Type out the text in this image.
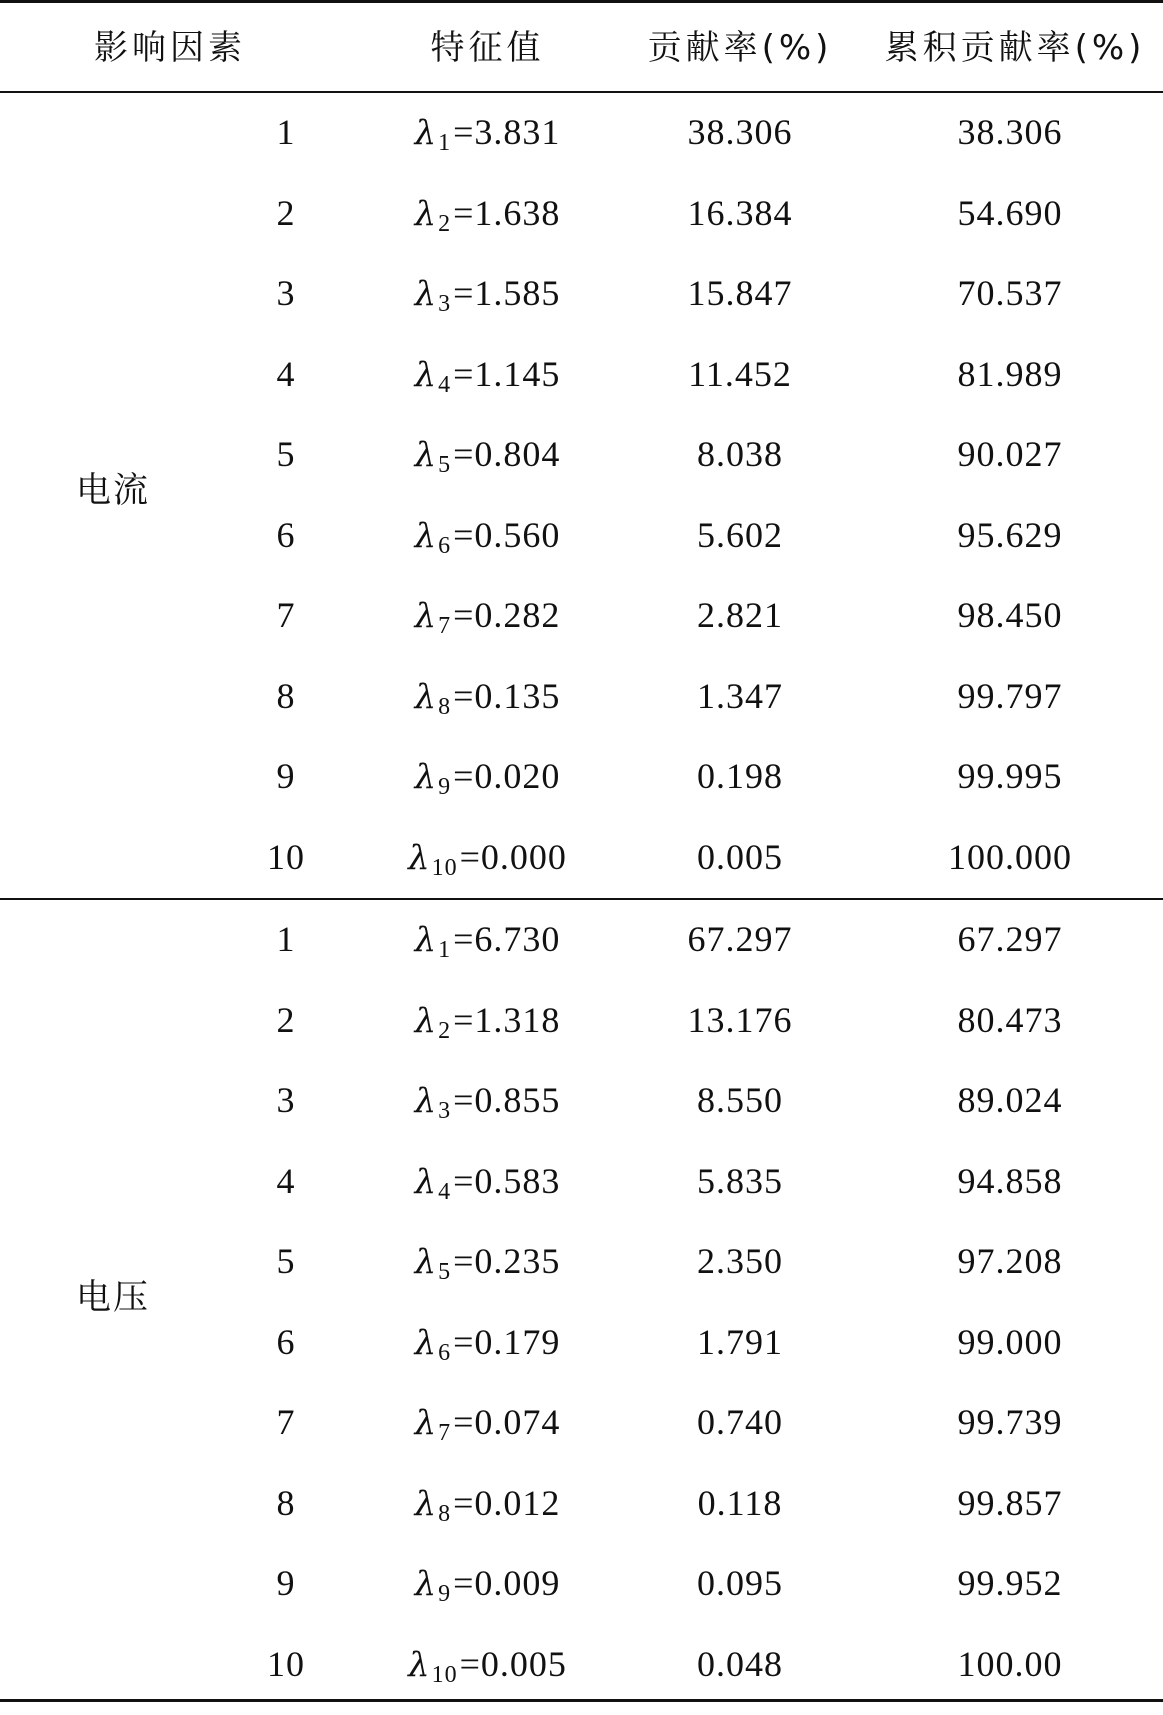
影响因素	特征值	贡献率(%)	累积贡献率(%)
电流
1	$\lambda_1=3.831$	38.306	38.306
2	$\lambda_2=1.638$	16.384	54.690
3	$\lambda_3=1.585$	15.847	70.537
4	$\lambda_4=1.145$	11.452	81.989
5	$\lambda_5=0.804$	8.038	90.027
6	$\lambda_6=0.560$	5.602	95.629
7	$\lambda_7=0.282$	2.821	98.450
8	$\lambda_8=0.135$	1.347	99.797
9	$\lambda_9=0.020$	0.198	99.995
10	$\lambda_{10}=0.000$	0.005	100.000
电压
1	$\lambda_1=6.730$	67.297	67.297
2	$\lambda_2=1.318$	13.176	80.473
3	$\lambda_3=0.855$	8.550	89.024
4	$\lambda_4=0.583$	5.835	94.858
5	$\lambda_5=0.235$	2.350	97.208
6	$\lambda_6=0.179$	1.791	99.000
7	$\lambda_7=0.074$	0.740	99.739
8	$\lambda_8=0.012$	0.118	99.857
9	$\lambda_9=0.009$	0.095	99.952
10	$\lambda_{10}=0.005$	0.048	100.00
